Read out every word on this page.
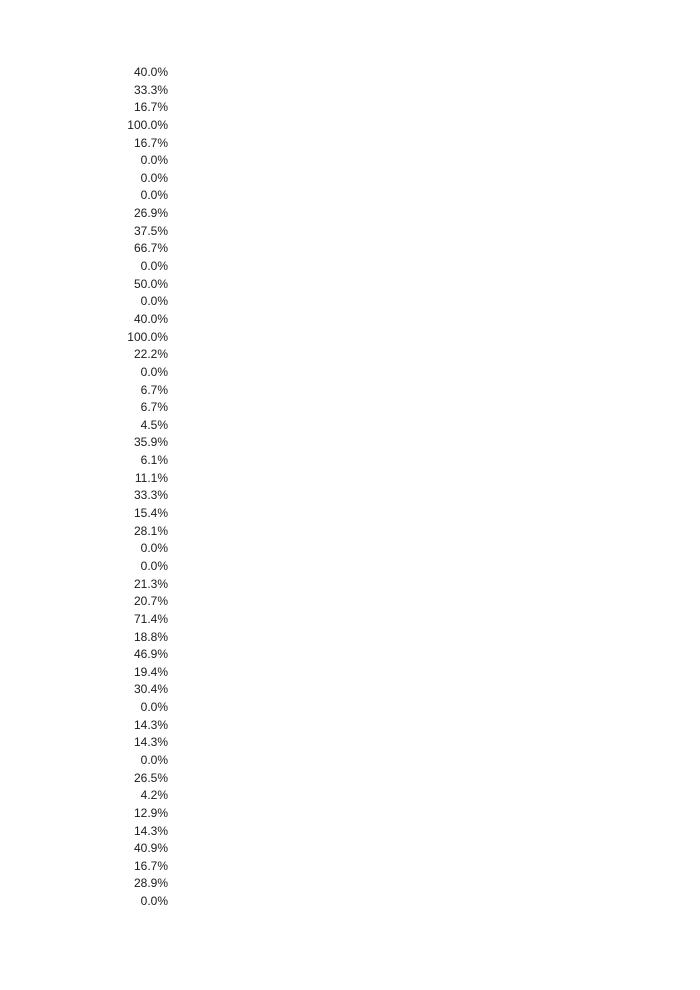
40.0%
33.3%
16.7%
100.0%
16.7%
0.0%
0.0%
0.0%
26.9%
37.5%
66.7%
0.0%
50.0%
0.0%
40.0%
100.0%
22.2%
0.0%
6.7%
6.7%
4.5%
35.9%
6.1%
11.1%
33.3%
15.4%
28.1%
0.0%
0.0%
21.3%
20.7%
71.4%
18.8%
46.9%
19.4%
30.4%
0.0%
14.3%
14.3%
0.0%
26.5%
4.2%
12.9%
14.3%
40.9%
16.7%
28.9%
0.0%
